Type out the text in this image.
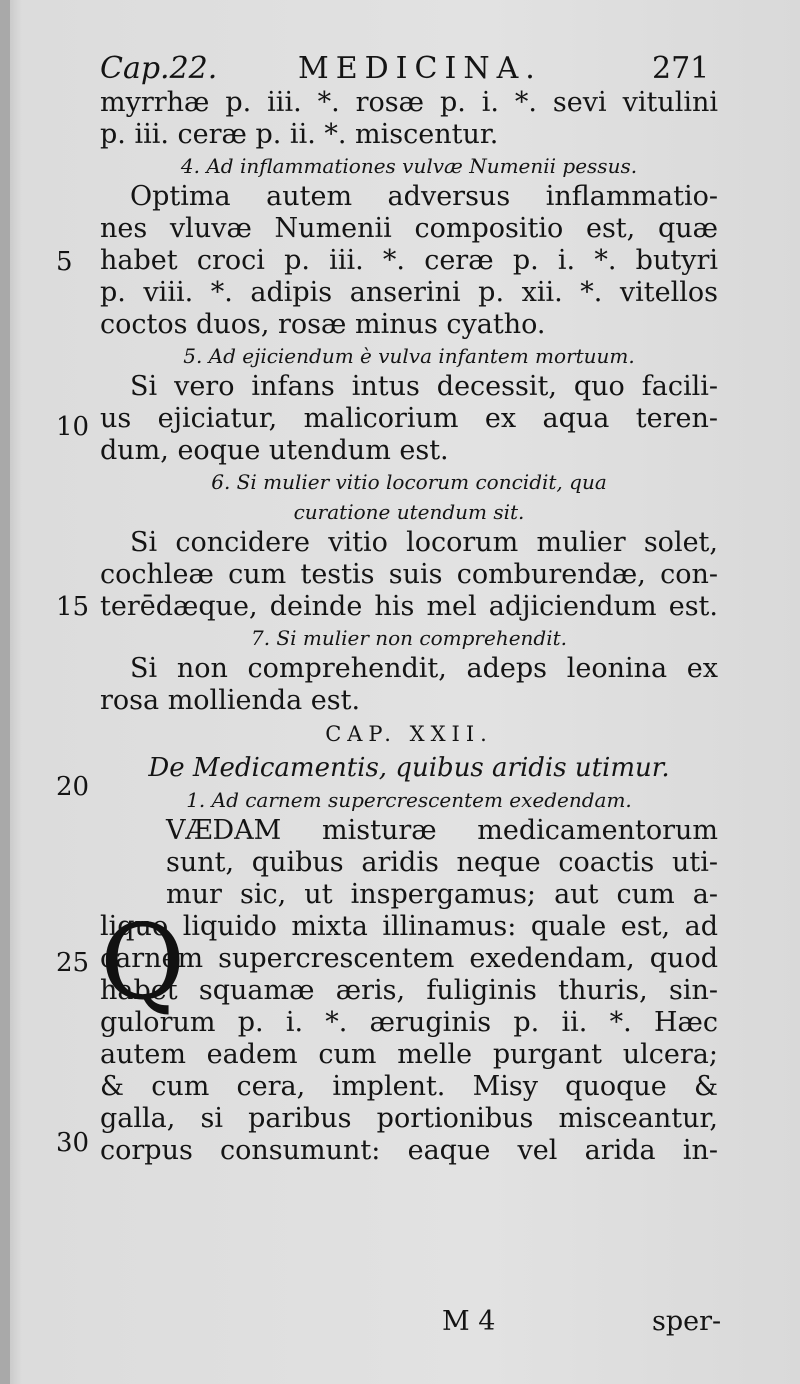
Cap.22.	MEDICINA.	271
myrrhæ p. iii. *. rosæ p. i. *. sevi vitulini
p. iii. ceræ p. ii. *. miscentur.
4. Ad inflammationes vulvæ Numenii pessus.
Optima autem adversus inflammatio-
nes vluvæ Numenii compositio est, quæ
habet croci p. iii. *. ceræ p. i. *. butyri
p. viii. *. adipis anserini p. xii. *. vitellos
coctos duos, rosæ minus cyatho.
5. Ad ejiciendum è vulva infantem mortuum.
Si vero infans intus decessit, quo facili-
us ejiciatur, malicorium ex aqua teren-
dum, eoque utendum est.
6. Si mulier vitio locorum concidit, qua
curatione utendum sit.
Si concidere vitio locorum mulier solet,
cochleæ cum testis suis comburendæ, con-
terēdæque, deinde his mel adjiciendum est.
7. Si mulier non comprehendit.
Si non comprehendit, adeps leonina ex
rosa mollienda est.
CAP. XXII.
De Medicamentis, quibus aridis utimur.
1. Ad carnem supercrescentem exedendam.
VÆDAM misturæ medicamentorum
sunt, quibus aridis neque coactis uti-
mur sic, ut inspergamus; aut cum a-
liquo liquido mixta illinamus: quale est, ad
carnem supercrescentem exedendam, quod
habet squamæ æris, fuliginis thuris, sin-
gulorum p. i. *. æruginis p. ii. *. Hæc
autem eadem cum melle purgant ulcera;
& cum cera, implent. Misy quoque &
galla, si paribus portionibus misceantur,
corpus consumunt: eaque vel arida in-
5
10
15
20
25
30
Q
M 4	sper-
